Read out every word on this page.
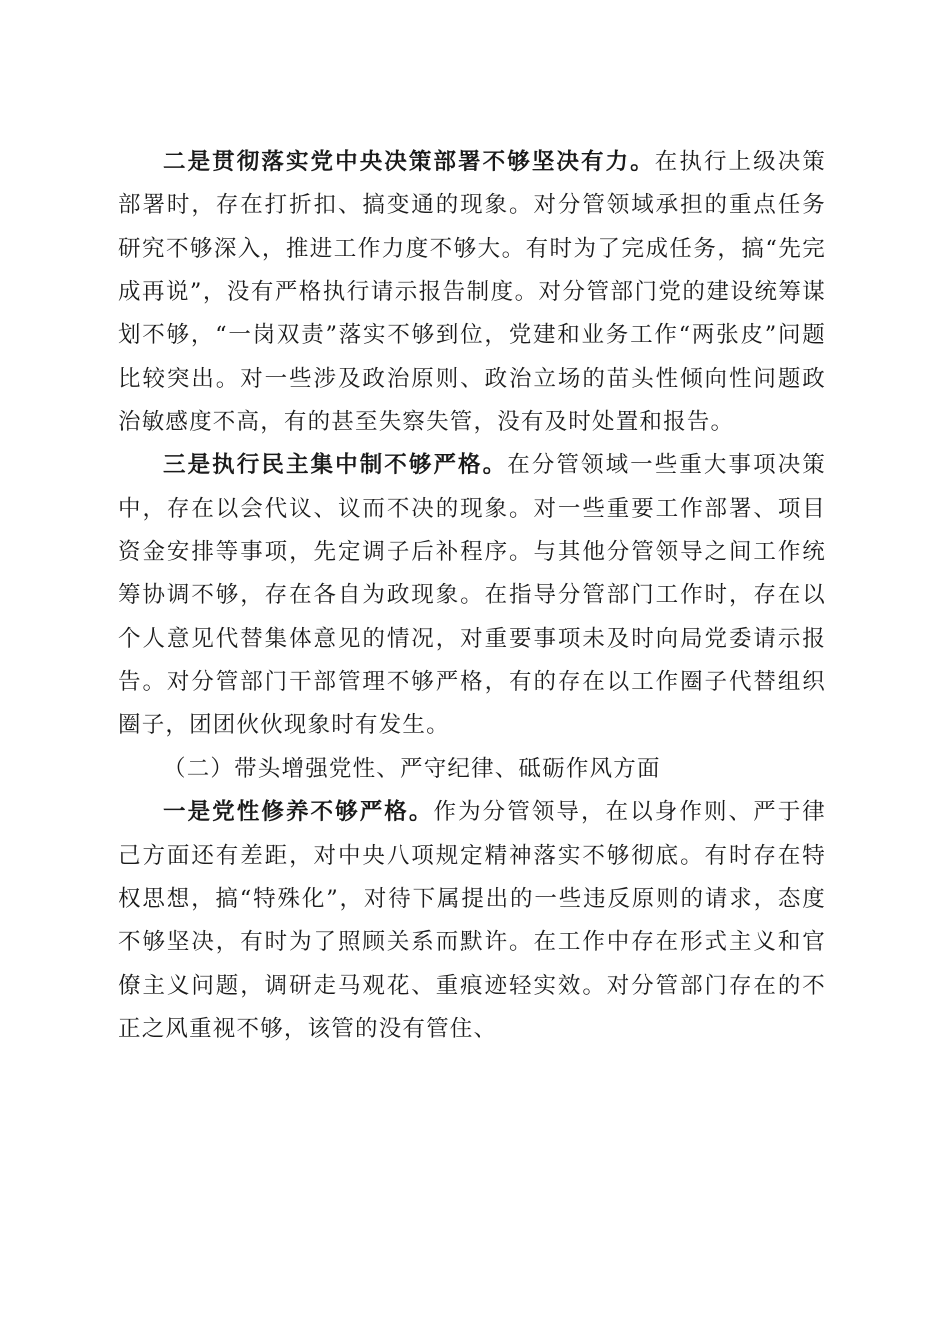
二是贯彻落实党中央决策部署不够坚决有力。在执行上级决策部署时，存在打折扣、搞变通的现象。对分管领域承担的重点任务研究不够深入，推进工作力度不够大。有时为了完成任务，搞“先完成再说”，没有严格执行请示报告制度。对分管部门党的建设统筹谋划不够，“一岗双责”落实不够到位，党建和业务工作“两张皮”问题比较突出。对一些涉及政治原则、政治立场的苗头性倾向性问题政治敏感度不高，有的甚至失察失管，没有及时处置和报告。

三是执行民主集中制不够严格。在分管领域一些重大事项决策中，存在以会代议、议而不决的现象。对一些重要工作部署、项目资金安排等事项，先定调子后补程序。与其他分管领导之间工作统筹协调不够，存在各自为政现象。在指导分管部门工作时，存在以个人意见代替集体意见的情况，对重要事项未及时向局党委请示报告。对分管部门干部管理不够严格，有的存在以工作圈子代替组织圈子，团团伙伙现象时有发生。

（二）带头增强党性、严守纪律、砥砺作风方面

一是党性修养不够严格。作为分管领导，在以身作则、严于律己方面还有差距，对中央八项规定精神落实不够彻底。有时存在特权思想，搞“特殊化”，对待下属提出的一些违反原则的请求，态度不够坚决，有时为了照顾关系而默许。在工作中存在形式主义和官僚主义问题，调研走马观花、重痕迹轻实效。对分管部门存在的不正之风重视不够，该管的没有管住、
